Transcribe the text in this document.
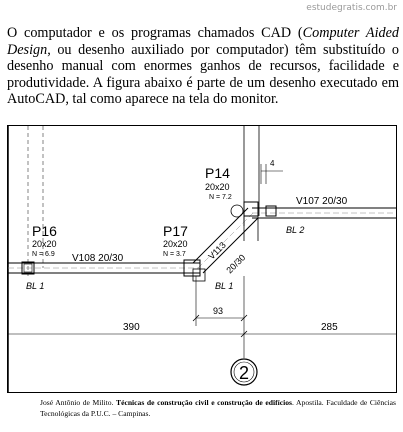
estudegratis.com.br

O computador e os programas chamados CAD (Computer Aided Design, ou desenho auxiliado por computador) têm substituído o desenho manual com enormes ganhos de recursos, facilidade e produtividade. A figura abaixo é parte de um desenho executado em AutoCAD, tal como aparece na tela do monitor.

4
93
390	285
2
P14
20x20
N = 7.2
P16
20x20
N = 6.9
P17
20x20
N = 3.7
V107 20/30
V108 20/30	V113
20/30
BL 1	BL 1
BL 2

José Antônio de Milito. Técnicas de construção civil e construção de edifícios. Apostila. Faculdade de Ciências Tecnológicas da P.U.C. – Campinas.
